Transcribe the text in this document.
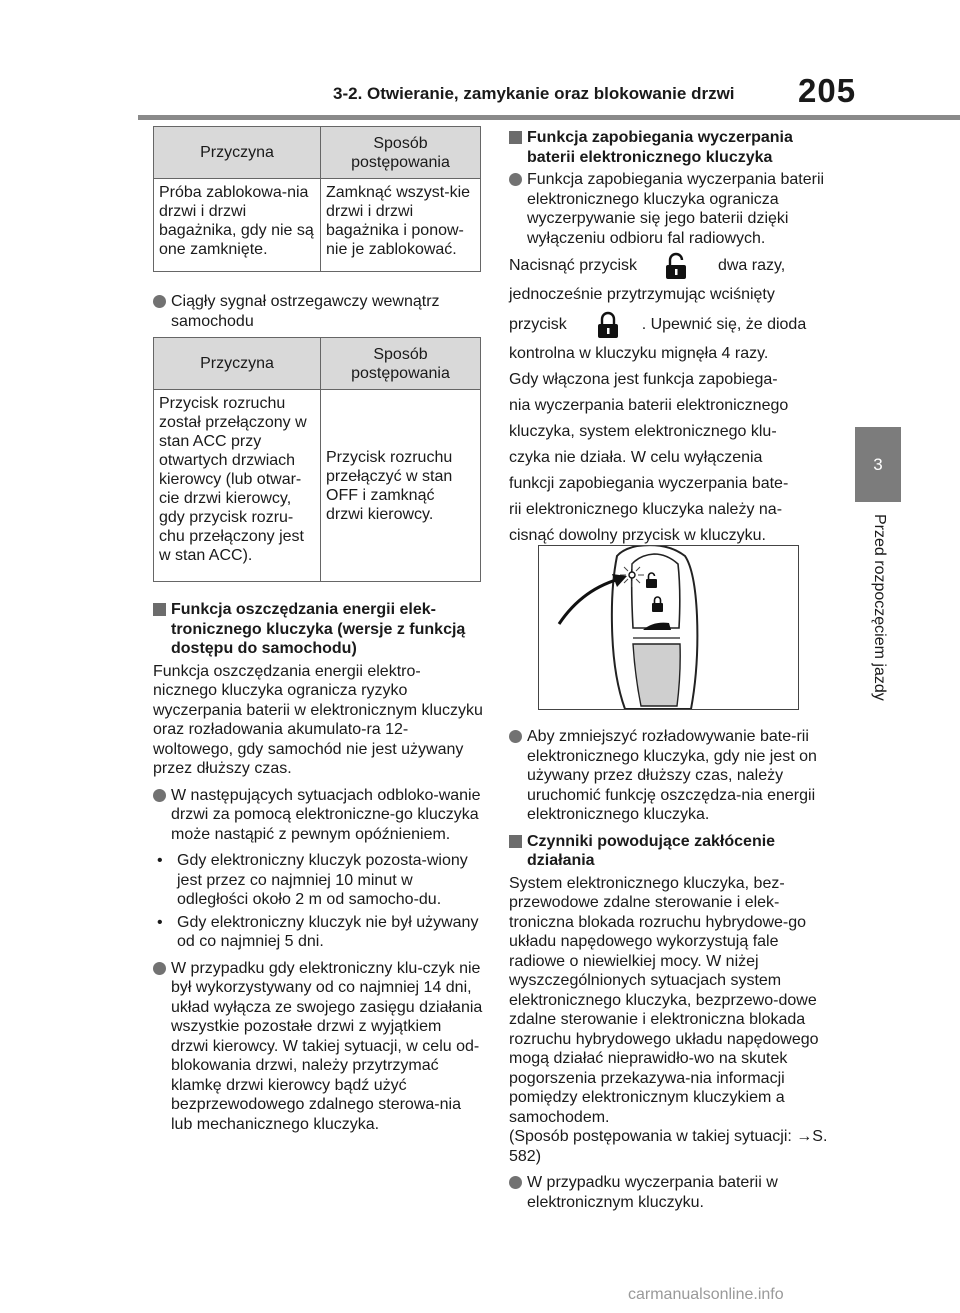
3-2. Otwieranie, zamykanie oraz blokowanie drzwi 205
3
Przed rozpoczęciem jazdy
Przyczyna	Sposób postępowania
Próba zablokowa-nia drzwi i drzwi bagażnika, gdy nie są one zamknięte.	Zamknąć wszyst-kie drzwi i drzwi bagażnika i ponow-nie je zablokować.
Ciągły sygnał ostrzegawczy wewnątrz samochodu
Przyczyna	Sposób postępowania
Przycisk rozruchu został przełączony w stan ACC przy otwartych drzwiach kierowcy (lub otwar-cie drzwi kierowcy, gdy przycisk rozru-chu przełączony jest w stan ACC).	Przycisk rozruchu przełączyć w stan OFF i zamknąć drzwi kierowcy.
Funkcja oszczędzania energii elek-tronicznego kluczyka (wersje z funkcją dostępu do samochodu)
Funkcja oszczędzania energii elektro-nicznego kluczyka ogranicza ryzyko wyczerpania baterii w elektronicznym kluczyku oraz rozładowania akumulato-ra 12-woltowego, gdy samochód nie jest używany przez dłuższy czas.
W następujących sytuacjach odbloko-wanie drzwi za pomocą elektroniczne-go kluczyka może nastąpić z pewnym opóźnieniem.
• Gdy elektroniczny kluczyk pozosta-wiony jest przez co najmniej 10 minut w odległości około 2 m od samocho-du.
• Gdy elektroniczny kluczyk nie był używany od co najmniej 5 dni.
W przypadku gdy elektroniczny klu-czyk nie był wykorzystywany od co najmniej 14 dni, układ wyłącza ze swojego zasięgu działania wszystkie pozostałe drzwi z wyjątkiem drzwi kierowcy. W takiej sytuacji, w celu od-blokowania drzwi, należy przytrzymać klamkę drzwi kierowcy bądź użyć bezprzewodowego zdalnego sterowa-nia lub mechanicznego kluczyka.
Funkcja zapobiegania wyczerpania baterii elektronicznego kluczyka
Funkcja zapobiegania wyczerpania baterii elektronicznego kluczyka ogranicza wyczerpywanie się jego baterii dzięki wyłączeniu odbioru fal radiowych.

Nacisnąć przycisk	dwa razy,

jednocześnie przytrzymując wciśnięty

przycisk	. Upewnić się, że dioda

kontrolna w kluczyku mignęła 4 razy.

Gdy włączona jest funkcja zapobiega-

nia wyczerpania baterii elektronicznego

kluczyka, system elektronicznego klu-

czyka nie działa. W celu wyłączenia

funkcji zapobiegania wyczerpania bate-

rii elektronicznego kluczyka należy na-

cisnąć dowolny przycisk w kluczyku.

Aby zmniejszyć rozładowywanie bate-rii elektronicznego kluczyka, gdy nie jest on używany przez dłuższy czas, należy uruchomić funkcję oszczędza-nia energii elektronicznego kluczyka.
Czynniki powodujące zakłócenie działania
System elektronicznego kluczyka, bez-przewodowe zdalne sterowanie i elek-troniczna blokada rozruchu hybrydowe-go układu napędowego wykorzystują fale radiowe o niewielkiej mocy. W niżej wyszczególnionych sytuacjach system elektronicznego kluczyka, bezprzewo-dowe zdalne sterowanie i elektroniczna blokada rozruchu hybrydowego układu napędowego mogą działać nieprawidło-wo na skutek pogorszenia przekazywa-nia informacji pomiędzy elektronicznym kluczykiem a samochodem.
(Sposób postępowania w takiej sytuacji: →S. 582)
W przypadku wyczerpania baterii w elektronicznym kluczyku.
carmanualsonline.info
